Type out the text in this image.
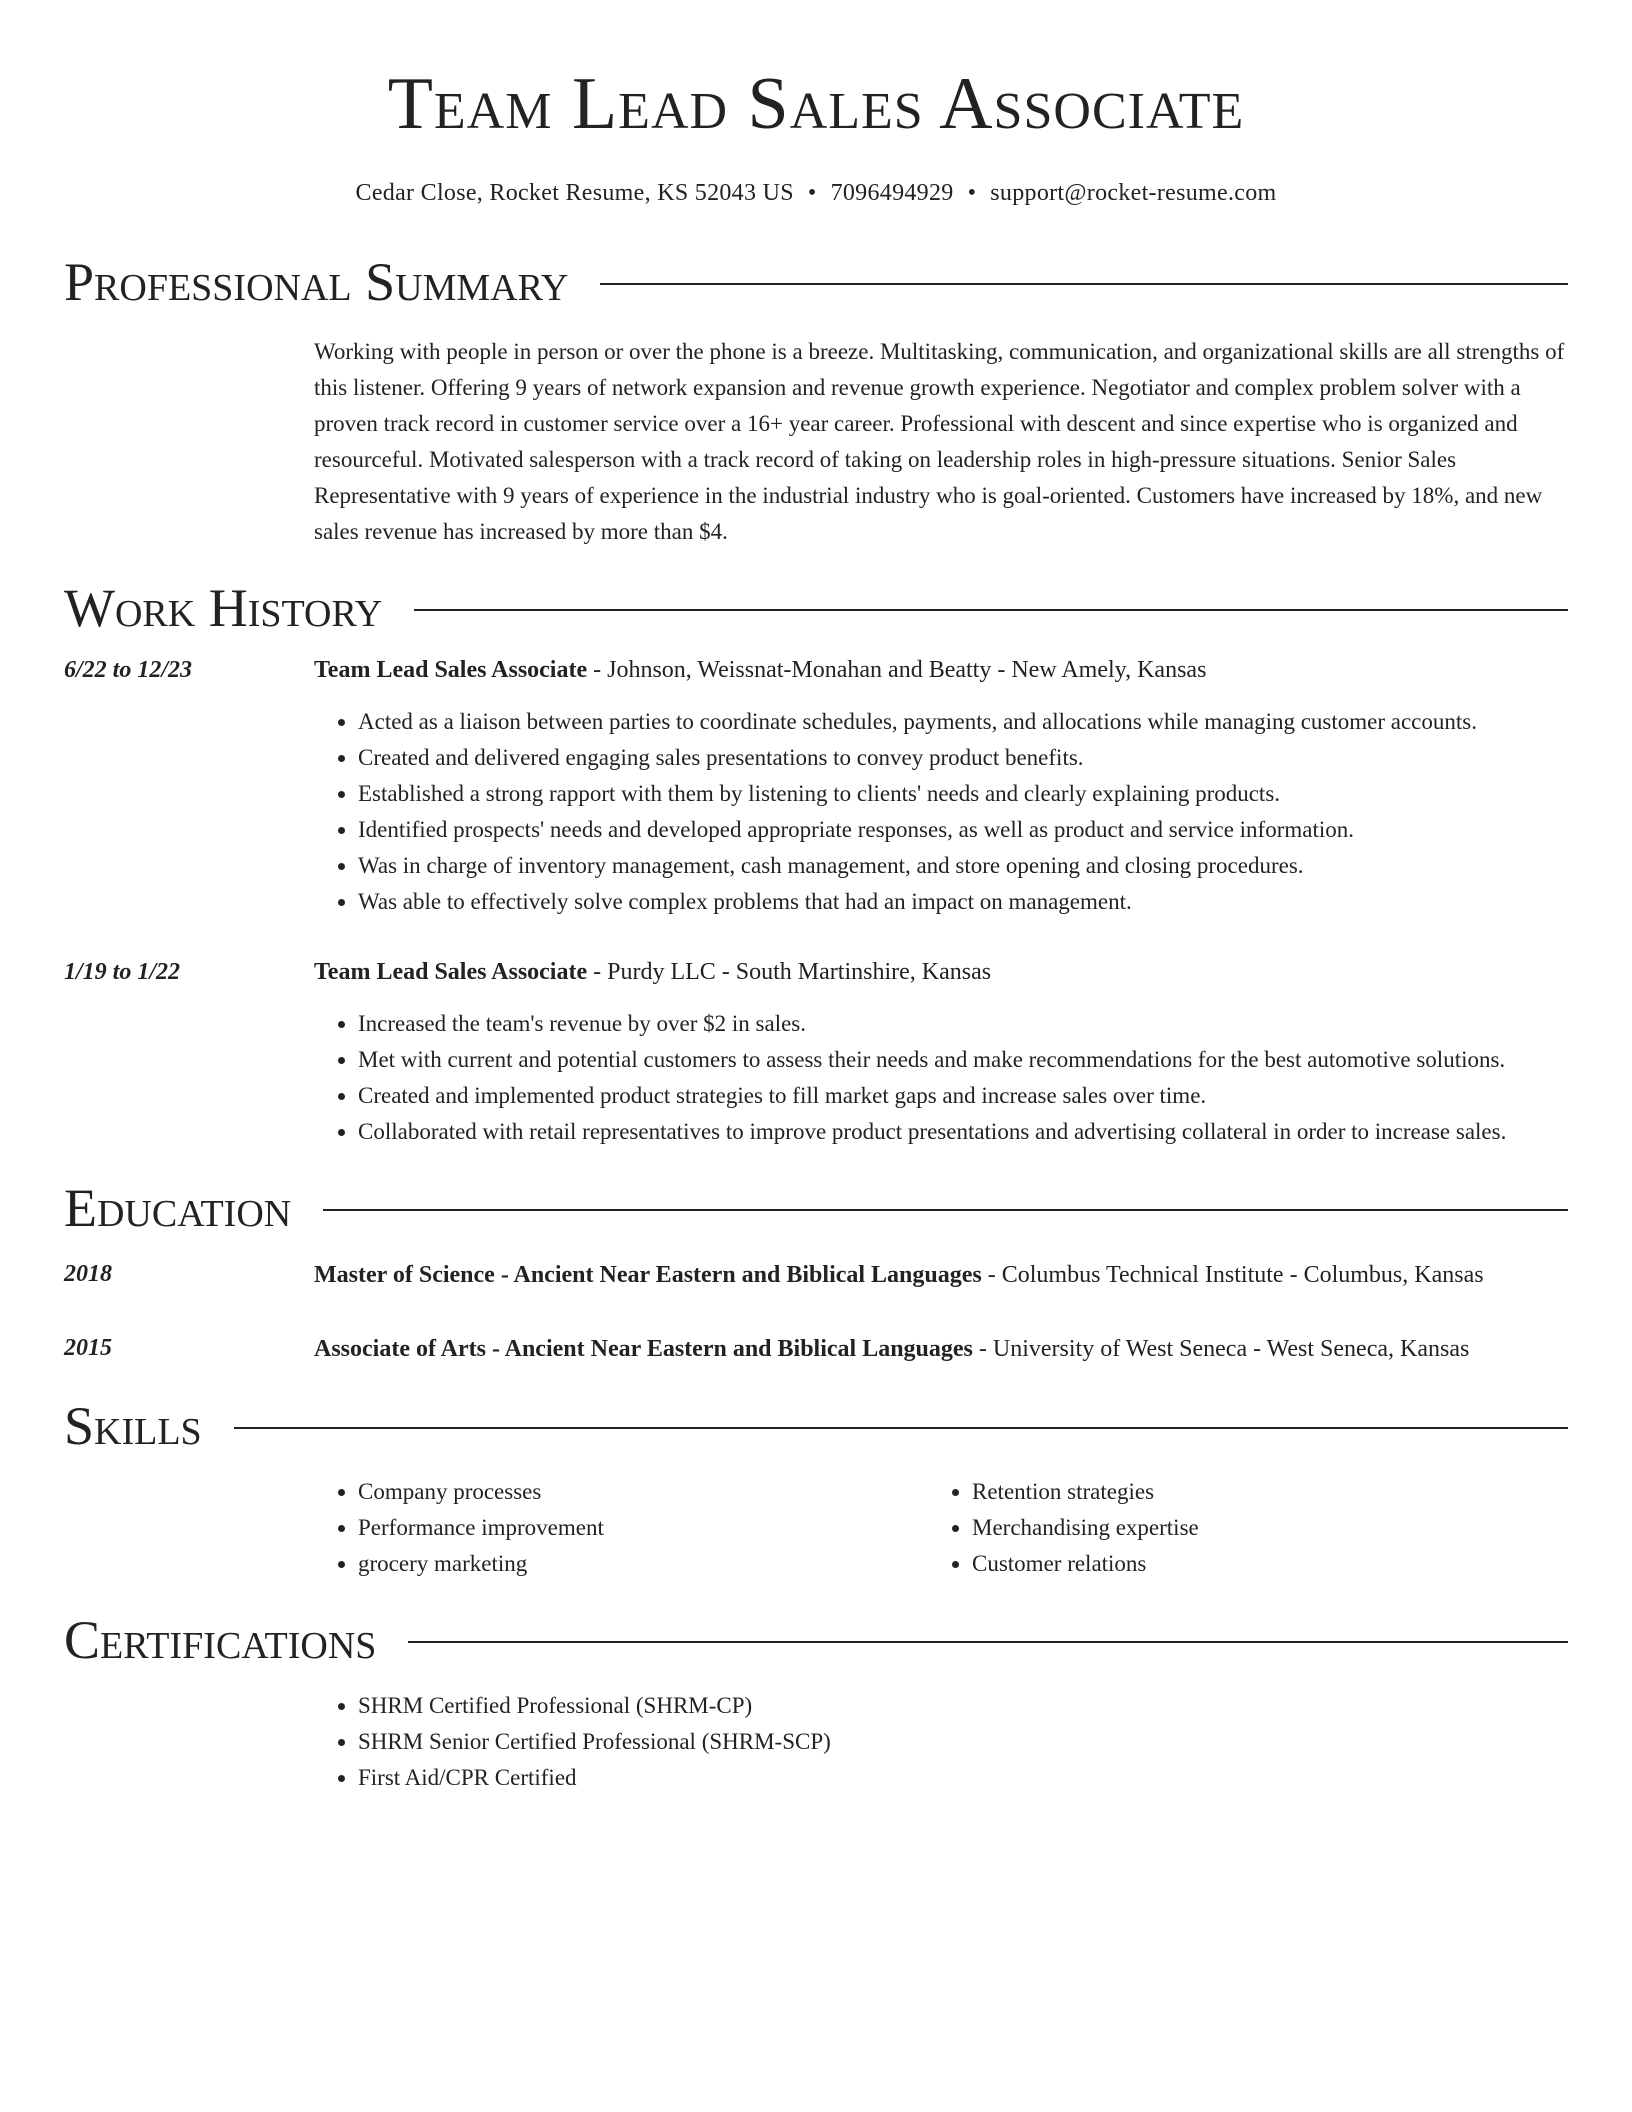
Team Lead Sales Associate
Cedar Close, Rocket Resume, KS 52043 US • 7096494929 • support@rocket-resume.com
Professional Summary

Working with people in person or over the phone is a breeze. Multitasking, communication, and organizational skills are all strengths of this listener. Offering 9 years of network expansion and revenue growth experience. Negotiator and complex problem solver with a proven track record in customer service over a 16+ year career. Professional with descent and since expertise who is organized and resourceful. Motivated salesperson with a track record of taking on leadership roles in high-pressure situations. Senior Sales Representative with 9 years of experience in the industrial industry who is goal-oriented. Customers have increased by 18%, and new sales revenue has increased by more than $4.

Work History
6/22 to 12/23	Team Lead Sales Associate - Johnson, Weissnat-Monahan and Beatty - New Amely, Kansas
• Acted as a liaison between parties to coordinate schedules, payments, and allocations while managing customer accounts.
• Created and delivered engaging sales presentations to convey product benefits.
• Established a strong rapport with them by listening to clients' needs and clearly explaining products.
• Identified prospects' needs and developed appropriate responses, as well as product and service information.
• Was in charge of inventory management, cash management, and store opening and closing procedures.
• Was able to effectively solve complex problems that had an impact on management.
1/19 to 1/22	Team Lead Sales Associate - Purdy LLC - South Martinshire, Kansas
• Increased the team's revenue by over $2 in sales.
• Met with current and potential customers to assess their needs and make recommendations for the best automotive solutions.
• Created and implemented product strategies to fill market gaps and increase sales over time.
• Collaborated with retail representatives to improve product presentations and advertising collateral in order to increase sales.
Education
2018	Master of Science - Ancient Near Eastern and Biblical Languages - Columbus Technical Institute - Columbus, Kansas
2015	Associate of Arts - Ancient Near Eastern and Biblical Languages - University of West Seneca - West Seneca, Kansas
Skills
• Company processes
• Performance improvement
• grocery marketing
• Retention strategies
• Merchandising expertise
• Customer relations
Certifications
• SHRM Certified Professional (SHRM-CP)
• SHRM Senior Certified Professional (SHRM-SCP)
• First Aid/CPR Certified
